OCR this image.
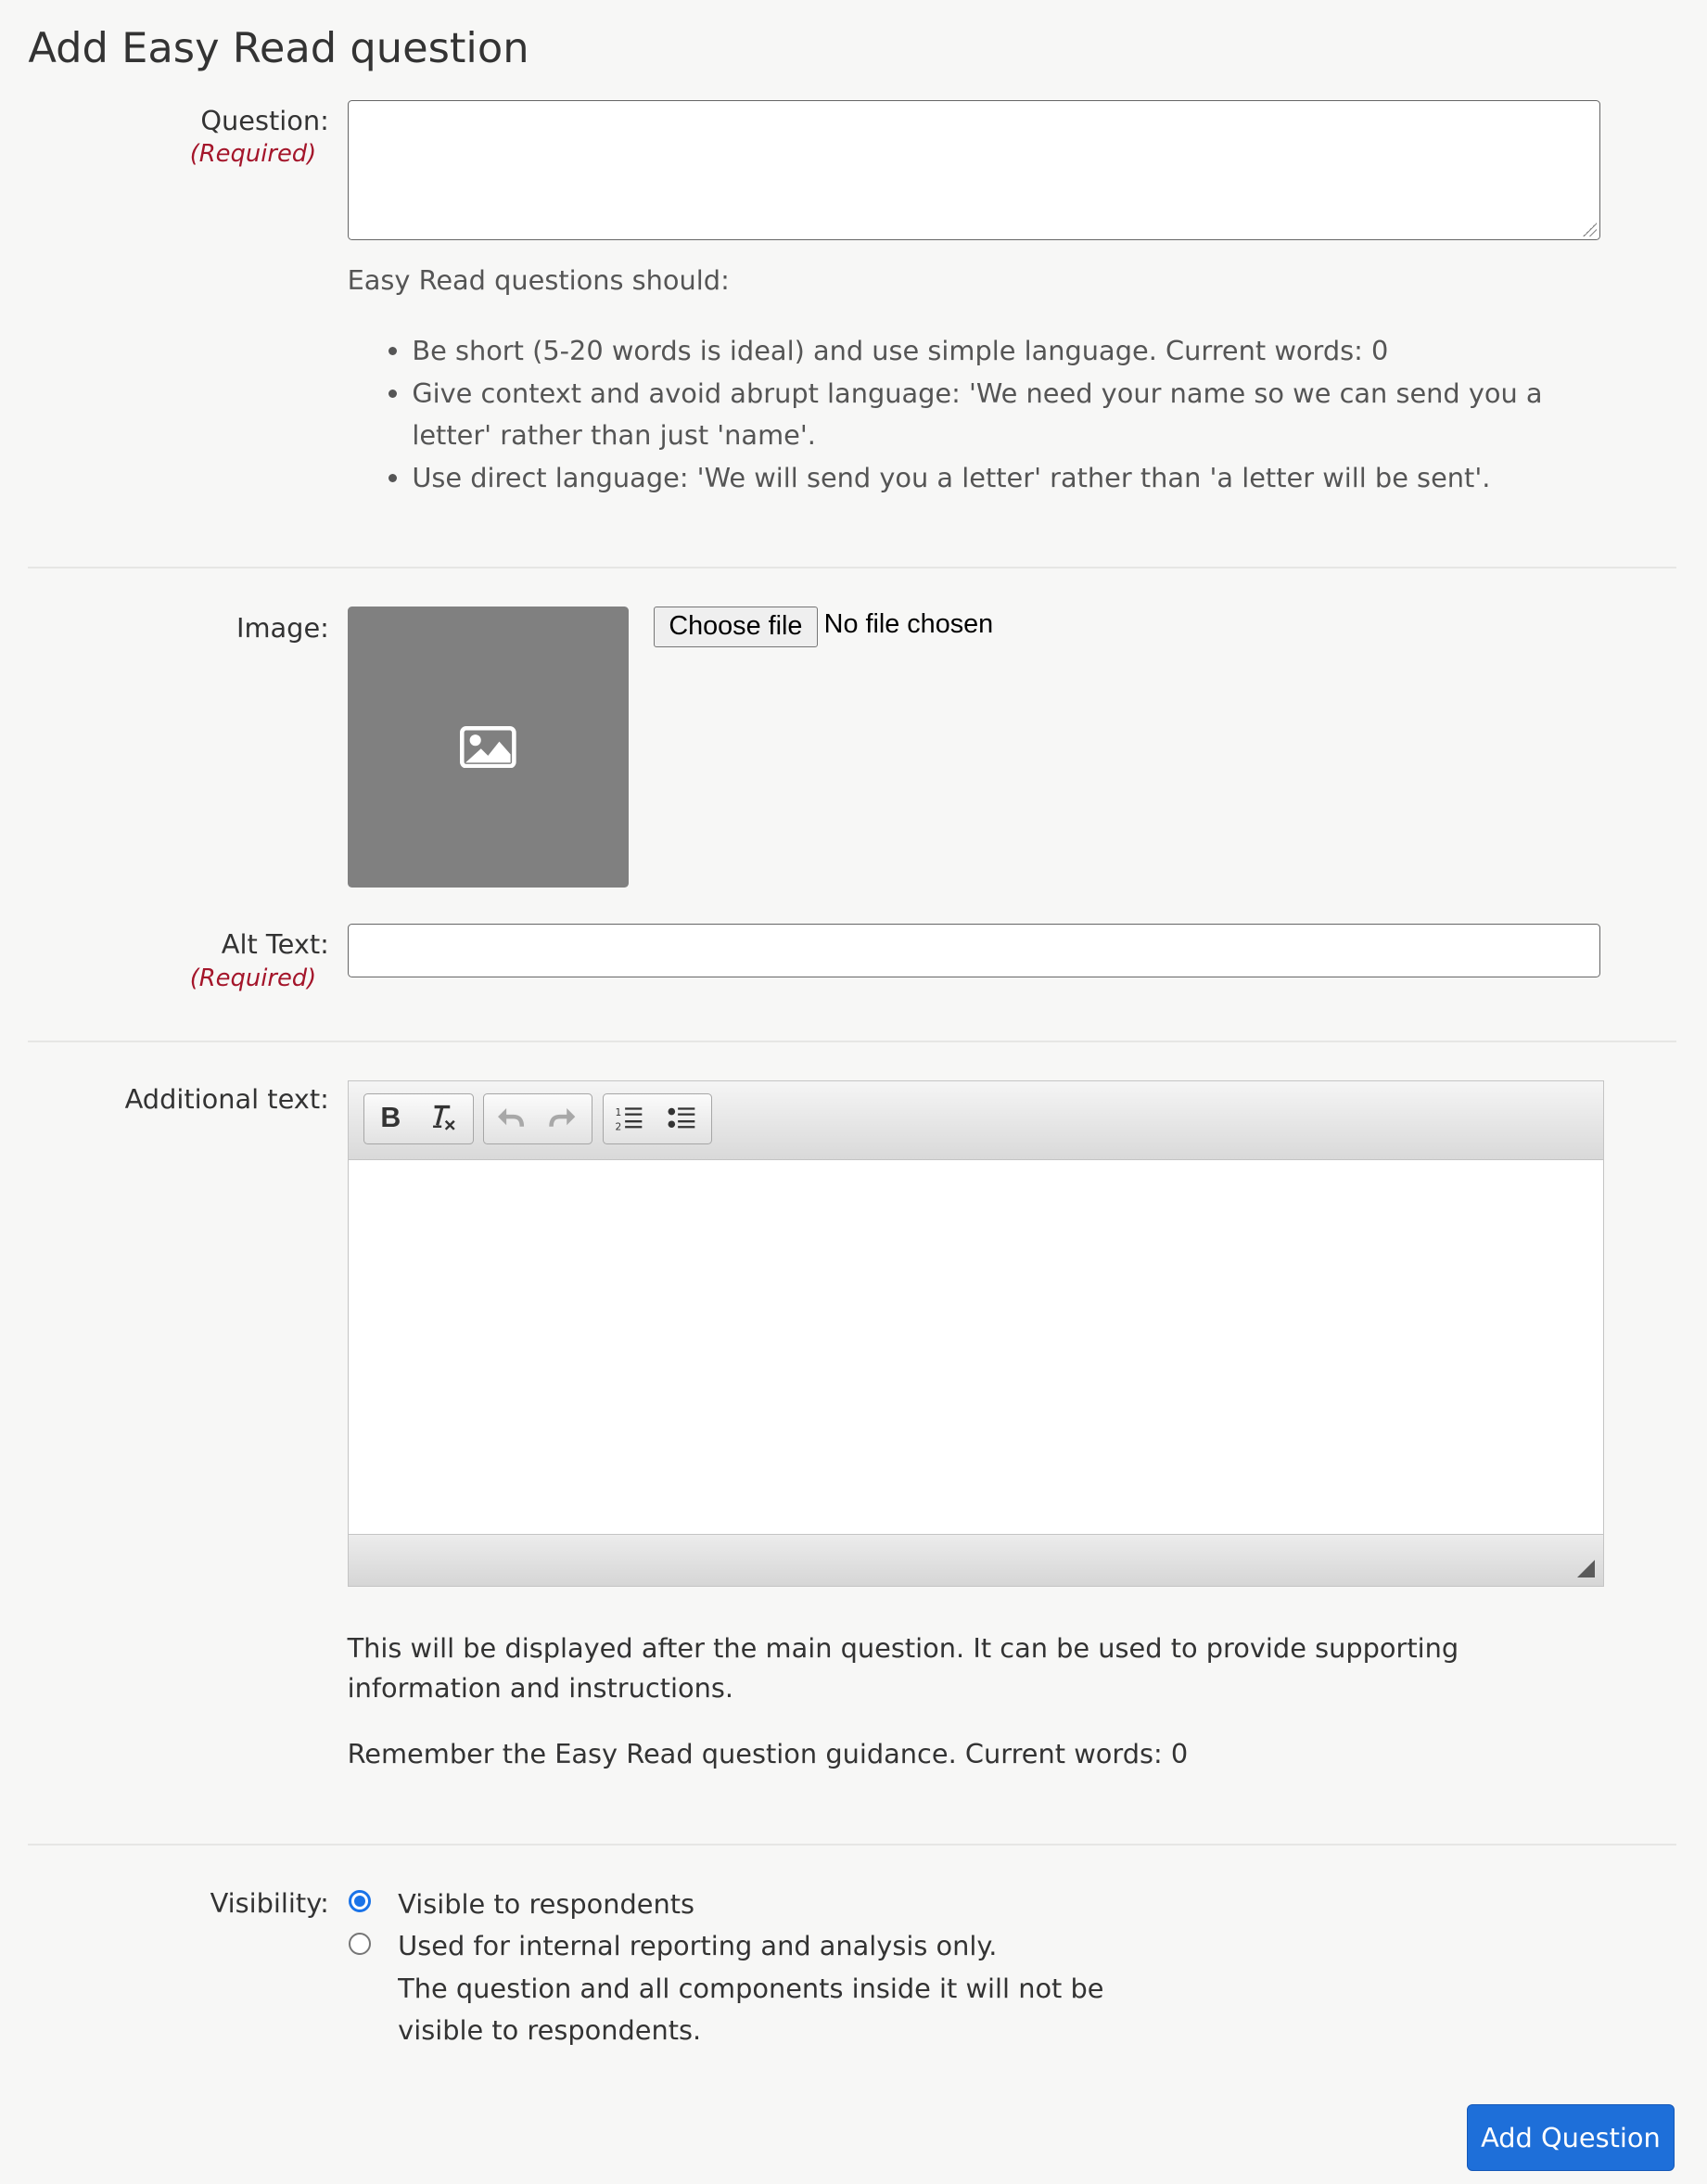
Add Easy Read question
Question:
(Required)
Easy Read questions should:
• Be short (5-20 words is ideal) and use simple language. Current words: 0
• Give context and avoid abrupt language: 'We need your name so we can send you a letter' rather than just 'name'.
• Use direct language: 'We will send you a letter' rather than 'a letter will be sent'.
Image:	Choose file	No file chosen
Alt Text:
(Required)
Additional text:
B	1
2

This will be displayed after the main question. It can be used to provide supporting information and instructions.

Remember the Easy Read question guidance. Current words: 0

Visibility:	Visible to respondents
Used for internal reporting and analysis only.
The question and all components inside it will not be visible to respondents.
Add Question
